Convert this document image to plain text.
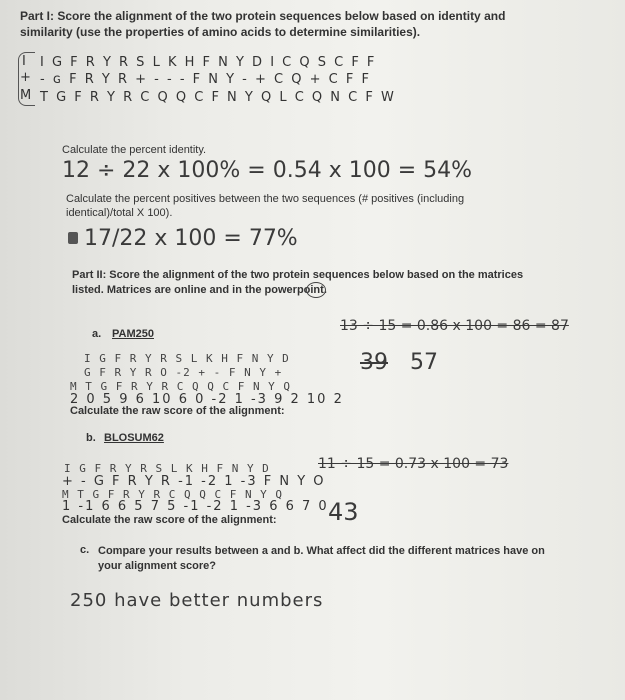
Part I: Score the alignment of the two protein sequences below based on identity and similarity (use the properties of amino acids to determine similarities).
I
+
M
I G F R Y R S L K H F N Y D I C Q S C F F
- ɢ F R Y R + - - - F N Y - + C Q + C F F
T G F R Y R C Q Q C F N Y Q L C Q N C F W
Calculate the percent identity.
12 ÷ 22 x 100% = 0.54 x 100 = 54%
Calculate the percent positives between the two sequences (# positives (including identical)/total X 100).
17/22 x 100 = 77%
Part II: Score the alignment of the two protein sequences below based on the matrices listed. Matrices are online and in the powerpoint.
a. PAM250
I G F R Y R S L K H F N Y D
G F R Y R O -2 + - F N Y +
M T G F R Y R C Q Q C F N Y Q
2 0 5 9 6 10 6 0 -2 1 -3 9 2 10 2
Calculate the raw score of the alignment:
13 ÷ 15 = 0.86 x 100 = 86 = 87
39 57
b. BLOSUM62
I G F R Y R S L K H F N Y D
+ - G F R Y R -1 -2 1 -3 F N Y O
M T G F R Y R C Q Q C F N Y Q
1 -1 6 6 5 7 5 -1 -2 1 -3 6 6 7 0
Calculate the raw score of the alignment:
11 ÷ 15 = 0.73 x 100 = 73
43
c. Compare your results between a and b. What affect did the different matrices have on your alignment score?
250 have better numbers
